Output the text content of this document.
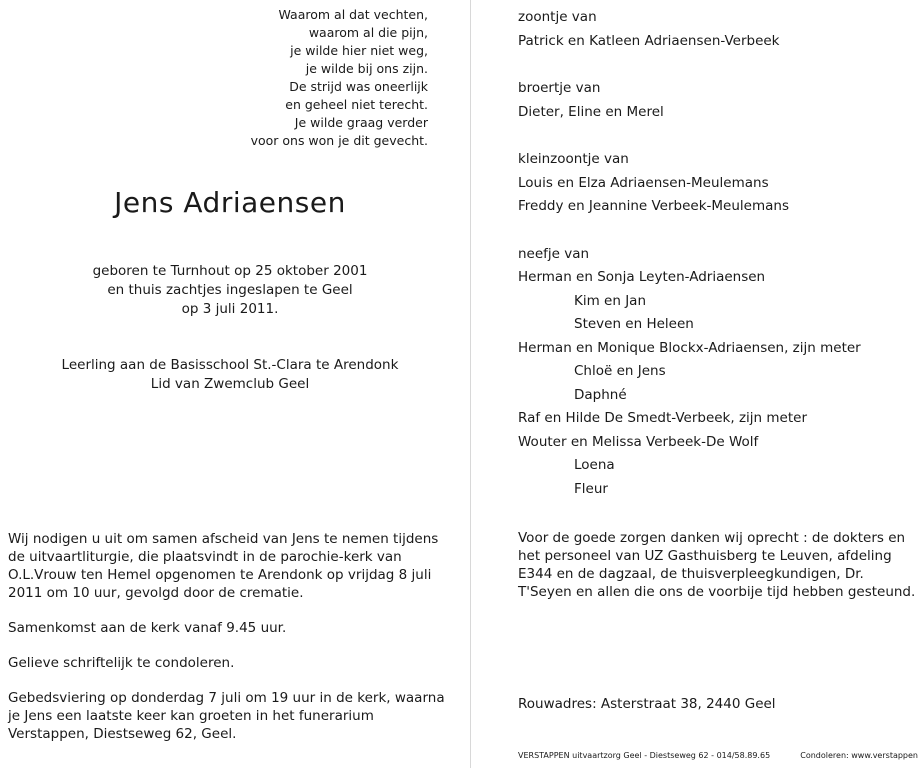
Waarom al dat vechten,
waarom al die pijn,
je wilde hier niet weg,
je wilde bij ons zijn.
De strijd was oneerlijk
en geheel niet terecht.
Je wilde graag verder
voor ons won je dit gevecht.
Jens Adriaensen
geboren te Turnhout op 25 oktober 2001
en thuis zachtjes ingeslapen te Geel
op 3 juli 2011.
Leerling aan de Basisschool St.-Clara te Arendonk
Lid van Zwemclub Geel

Wij nodigen u uit om samen afscheid van Jens te nemen tijdens de uitvaartliturgie, die plaatsvindt in de parochie-kerk van O.L.Vrouw ten Hemel opgenomen te Arendonk op vrijdag 8 juli 2011 om 10 uur, gevolgd door de crematie.

Samenkomst aan de kerk vanaf 9.45 uur.

Gelieve schriftelijk te condoleren.

Gebedsviering op donderdag 7 juli om 19 uur in de kerk, waarna je Jens een laatste keer kan groeten in het funerarium Verstappen, Diestseweg 62, Geel.

zoontje van
Patrick en Katleen Adriaensen-Verbeek
broertje van
Dieter, Eline en Merel
kleinzoontje van
Louis en Elza Adriaensen-Meulemans
Freddy en Jeannine Verbeek-Meulemans
neefje van
Herman en Sonja Leyten-Adriaensen
Kim en Jan
Steven en Heleen
Herman en Monique Blockx-Adriaensen, zijn meter
Chloë en Jens
Daphné
Raf en Hilde De Smedt-Verbeek, zijn meter
Wouter en Melissa Verbeek-De Wolf
Loena
Fleur
Voor de goede zorgen danken wij oprecht : de dokters en het personeel van UZ Gasthuisberg te Leuven, afdeling E344 en de dagzaal, de thuisverpleegkundigen, Dr. T'Seyen en allen die ons de voorbije tijd hebben gesteund.
Rouwadres: Asterstraat 38, 2440 Geel
VERSTAPPEN uitvaartzorg Geel - Diestseweg 62 - 014/58.89.65	Condoleren: www.verstappen
